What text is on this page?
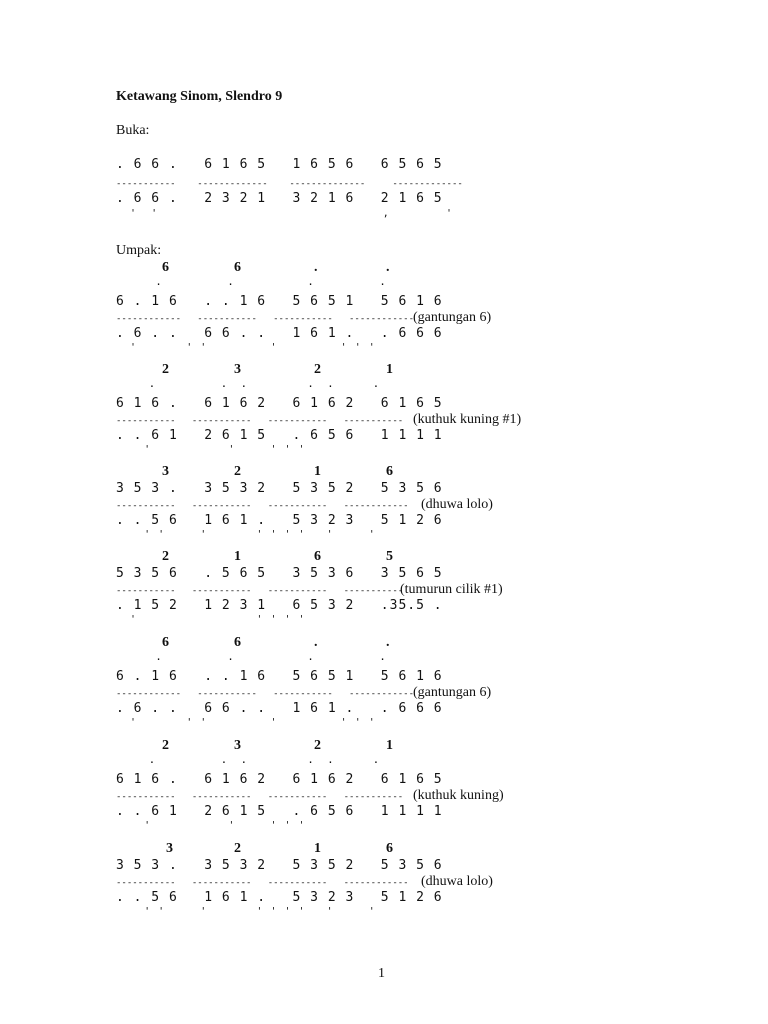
Ketawang Sinom, Slendro 9
Buka:
. 6 6 .   6 1 6 5   1 6 5 6   6 5 6 5
-----------    -------------    --------------     -------------
. 6 6 .   2 3 2 1   3 2 1 6   2 1 6 5
'  '                                ,        '
Umpak:
6	6	.	.
.	.	.	.
6 . 1 6   . . 1 6   5 6 5 1   5 6 1 6
------------   -----------   -----------   ------------
(gantungan 6)
. 6 . .   6 6 . .   1 6 1 .   . 6 6 6
'       ' '         '         ' ' '
2	3	2	1
.	.  .	.  .	.
6 1 6 .   6 1 6 2   6 1 6 2   6 1 6 5
-----------   -----------   -----------   ----------- (kuthuk kuning #1)
. . 6 1   2 6 1 5   . 6 5 6   1 1 1 1
'           '     ' ' '
3	2	1	6
3 5 3 .   3 5 3 2   5 3 5 2   5 3 5 6
-----------   -----------   -----------   ------------ (dhuwa lolo)
. . 5 6   1 6 1 .   5 3 2 3   5 1 2 6
' '     '       ' ' ' '   '     '
2	1	6	5
5 3 5 6   . 5 6 5   3 5 3 6   3 5 6 5
-----------   -----------   -----------   -----------
(tumurun cilik #1)
. 1 5 2   1 2 3 1   6 5 3 2   .35.5 .
'                 ' ' ' '
6	6	.	.
.	.	.	.
6 . 1 6   . . 1 6   5 6 5 1   5 6 1 6
------------   -----------   -----------   ------------
(gantungan 6)
. 6 . .   6 6 . .   1 6 1 .   . 6 6 6
'       ' '         '         ' ' '
2	3	2	1
.	.  .	.  .	.
6 1 6 .   6 1 6 2   6 1 6 2   6 1 6 5
-----------   -----------   -----------   ----------- (kuthuk kuning)
. . 6 1   2 6 1 5   . 6 5 6   1 1 1 1
'           '     ' ' '
3	2	1	6
3 5 3 .   3 5 3 2   5 3 5 2   5 3 5 6
-----------   -----------   -----------   ------------ (dhuwa lolo)
. . 5 6   1 6 1 .   5 3 2 3   5 1 2 6
' '     '       ' ' ' '   '     '
1
